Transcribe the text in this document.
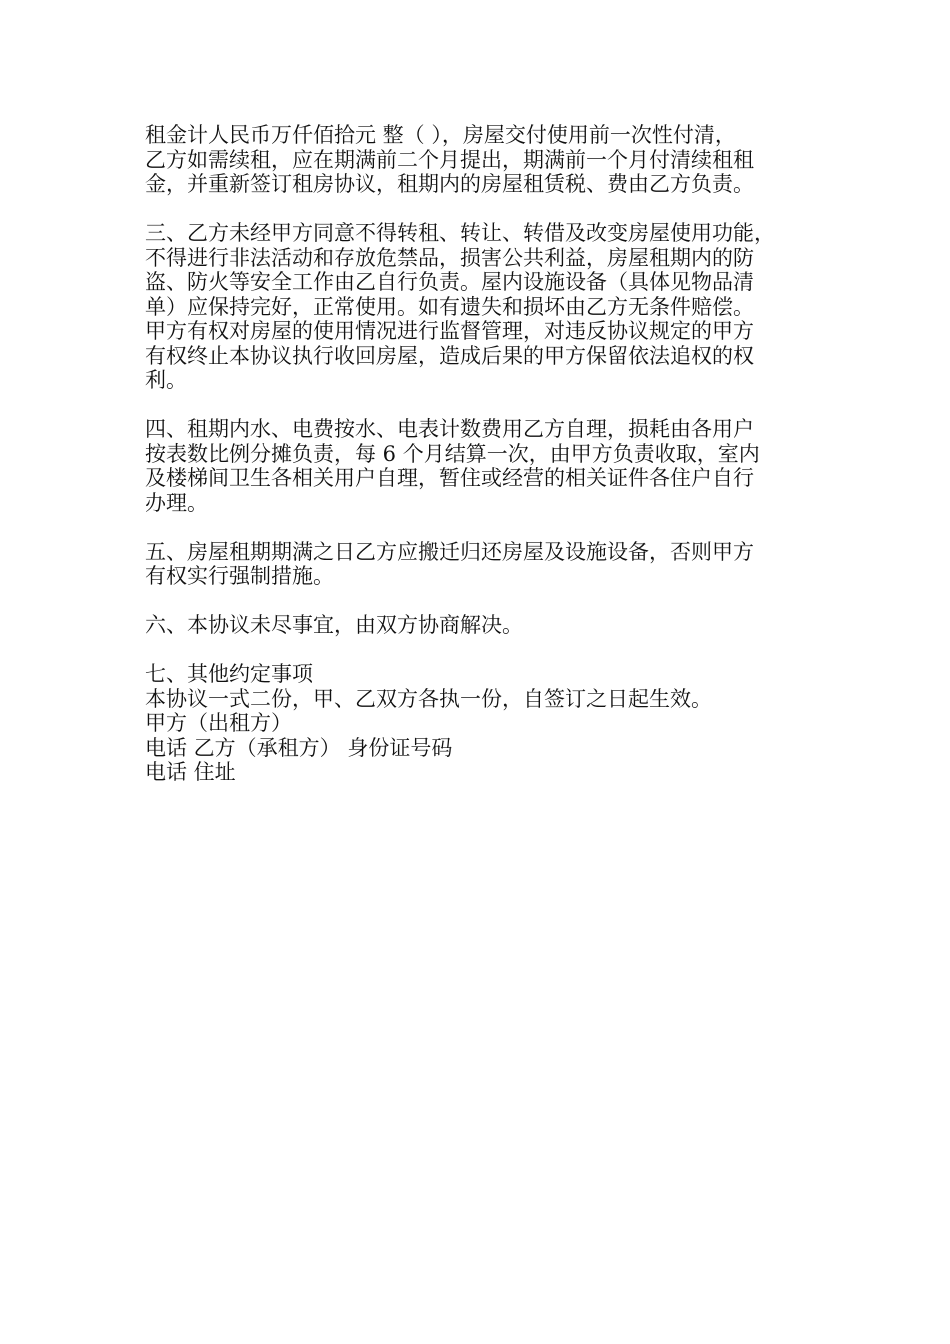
租金计人民币万仟佰拾元 整（ ），房屋交付使用前一次性付清，
乙方如需续租，应在期满前二个月提出，期满前一个月付清续租租
金，并重新签订租房协议，租期内的房屋租赁税、费由乙方负责。
三、乙方未经甲方同意不得转租、转让、转借及改变房屋使用功能，
不得进行非法活动和存放危禁品，损害公共利益，房屋租期内的防
盗、防火等安全工作由乙自行负责。屋内设施设备（具体见物品清
单）应保持完好，正常使用。如有遗失和损坏由乙方无条件赔偿。
甲方有权对房屋的使用情况进行监督管理，对违反协议规定的甲方
有权终止本协议执行收回房屋，造成后果的甲方保留依法追权的权
利。
四、租期内水、电费按水、电表计数费用乙方自理，损耗由各用户
按表数比例分摊负责，每 6 个月结算一次，由甲方负责收取，室内
及楼梯间卫生各相关用户自理，暂住或经营的相关证件各住户自行
办理。
五、房屋租期期满之日乙方应搬迁归还房屋及设施设备，否则甲方
有权实行强制措施。
六、本协议未尽事宜，由双方协商解决。
七、其他约定事项
本协议一式二份，甲、乙双方各执一份，自签订之日起生效。
甲方（出租方）
电话 乙方（承租方） 身份证号码
电话 住址
